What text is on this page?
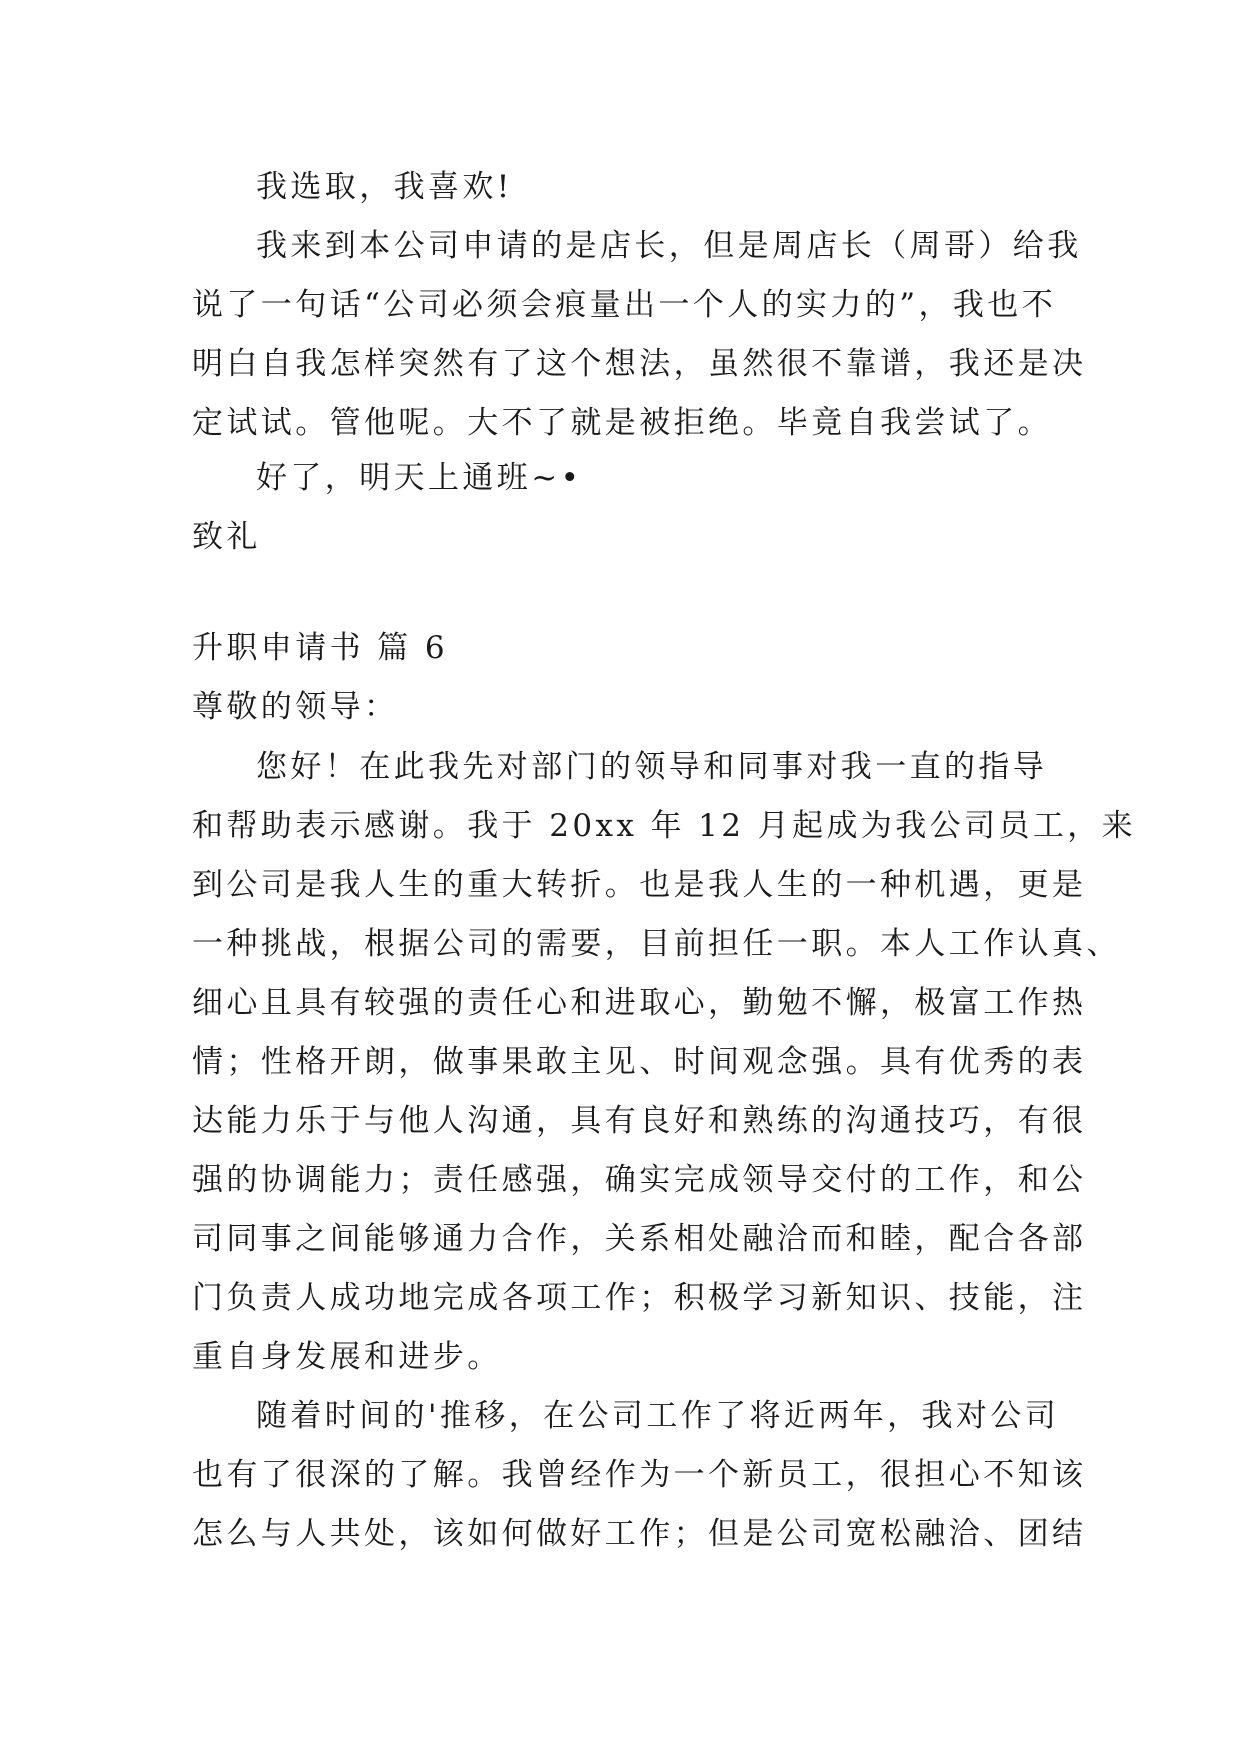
我选取，我喜欢!
我来到本公司申请的是店长，但是周店长（周哥）给我
说了一句话“公司必须会痕量出一个人的实力的”，我也不
明白自我怎样突然有了这个想法，虽然很不靠谱，我还是决
定试试。管他呢。大不了就是被拒绝。毕竟自我尝试了。
好了，明天上通班~•
致礼
升职申请书 篇 6
尊敬的领导：
您好！在此我先对部门的领导和同事对我一直的指导
和帮助表示感谢。我于 20xx 年 12 月起成为我公司员工，来
到公司是我人生的重大转折。也是我人生的一种机遇，更是
一种挑战，根据公司的需要，目前担任一职。本人工作认真、
细心且具有较强的责任心和进取心，勤勉不懈，极富工作热
情；性格开朗，做事果敢主见、时间观念强。具有优秀的表
达能力乐于与他人沟通，具有良好和熟练的沟通技巧，有很
强的协调能力；责任感强，确实完成领导交付的工作，和公
司同事之间能够通力合作，关系相处融洽而和睦，配合各部
门负责人成功地完成各项工作；积极学习新知识、技能，注
重自身发展和进步。
随着时间的'推移，在公司工作了将近两年，我对公司
也有了很深的了解。我曾经作为一个新员工，很担心不知该
怎么与人共处，该如何做好工作；但是公司宽松融洽、团结
